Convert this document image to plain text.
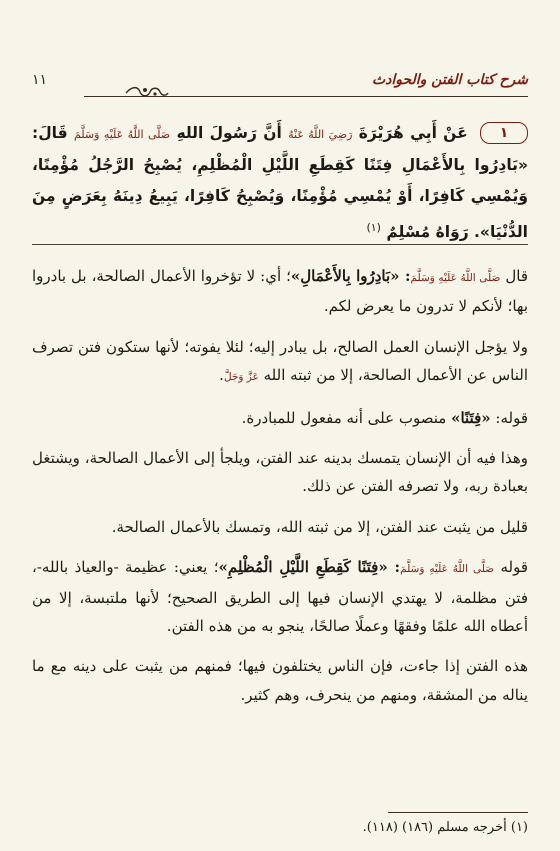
شرح كتاب الفتن والحوادث
١١
١ عَنْ أَبِي هُرَيْرَةَ رَضِيَ اللَّهُ عَنْهُ أَنَّ رَسُولَ اللهِ صَلَّى اللَّهُ عَلَيْهِ وَسَلَّمَ قَالَ: «بَادِرُوا بِالأَعْمَالِ فِتَنًا كَقِطَعِ اللَّيْلِ الْمُظْلِمِ، يُصْبِحُ الرَّجُلُ مُؤْمِنًا، وَيُمْسِي كَافِرًا، أَوْ يُمْسِي مُؤْمِنًا، وَيُصْبِحُ كَافِرًا، يَبِيعُ دِينَهُ بِعَرَضٍ مِنَ الدُّنْيَا». رَوَاهُ مُسْلِمٌ $^{(١)}$

قال صَلَّى اللَّهُ عَلَيْهِ وَسَلَّمَ: «بَادِرُوا بِالأَعْمَالِ»؛ أي: لا تؤخروا الأعمال الصالحة، بل بادروا بها؛ لأنكم لا تدرون ما يعرض لكم.

ولا يؤجل الإنسان العمل الصالح، بل يبادر إليه؛ لئلا يفوته؛ لأنها ستكون فتن تصرف الناس عن الأعمال الصالحة، إلا من ثبته الله عَزَّ وَجَلَّ.

قوله: «فِتَنًا» منصوب على أنه مفعول للمبادرة.

وهذا فيه أن الإنسان يتمسك بدينه عند الفتن، ويلجأ إلى الأعمال الصالحة، ويشتغل بعبادة ربه، ولا تصرفه الفتن عن ذلك.

قليل من يثبت عند الفتن، إلا من ثبته الله، وتمسك بالأعمال الصالحة.

قوله صَلَّى اللَّهُ عَلَيْهِ وَسَلَّمَ: «فِتَنًا كَقِطَعِ اللَّيْلِ الْمُظْلِمِ»؛ يعني: عظيمة -والعياذ بالله-، فتن مظلمة، لا يهتدي الإنسان فيها إلى الطريق الصحيح؛ لأنها ملتبسة، إلا من أعطاه الله علمًا وفقهًا وعملًا صالحًا، ينجو به من هذه الفتن.

هذه الفتن إذا جاءت، فإن الناس يختلفون فيها؛ فمنهم من يثبت على دينه مع ما يناله من المشقة، ومنهم من ينحرف، وهم كثير.

(١) أخرجه مسلم (١٨٦) (١١٨).
